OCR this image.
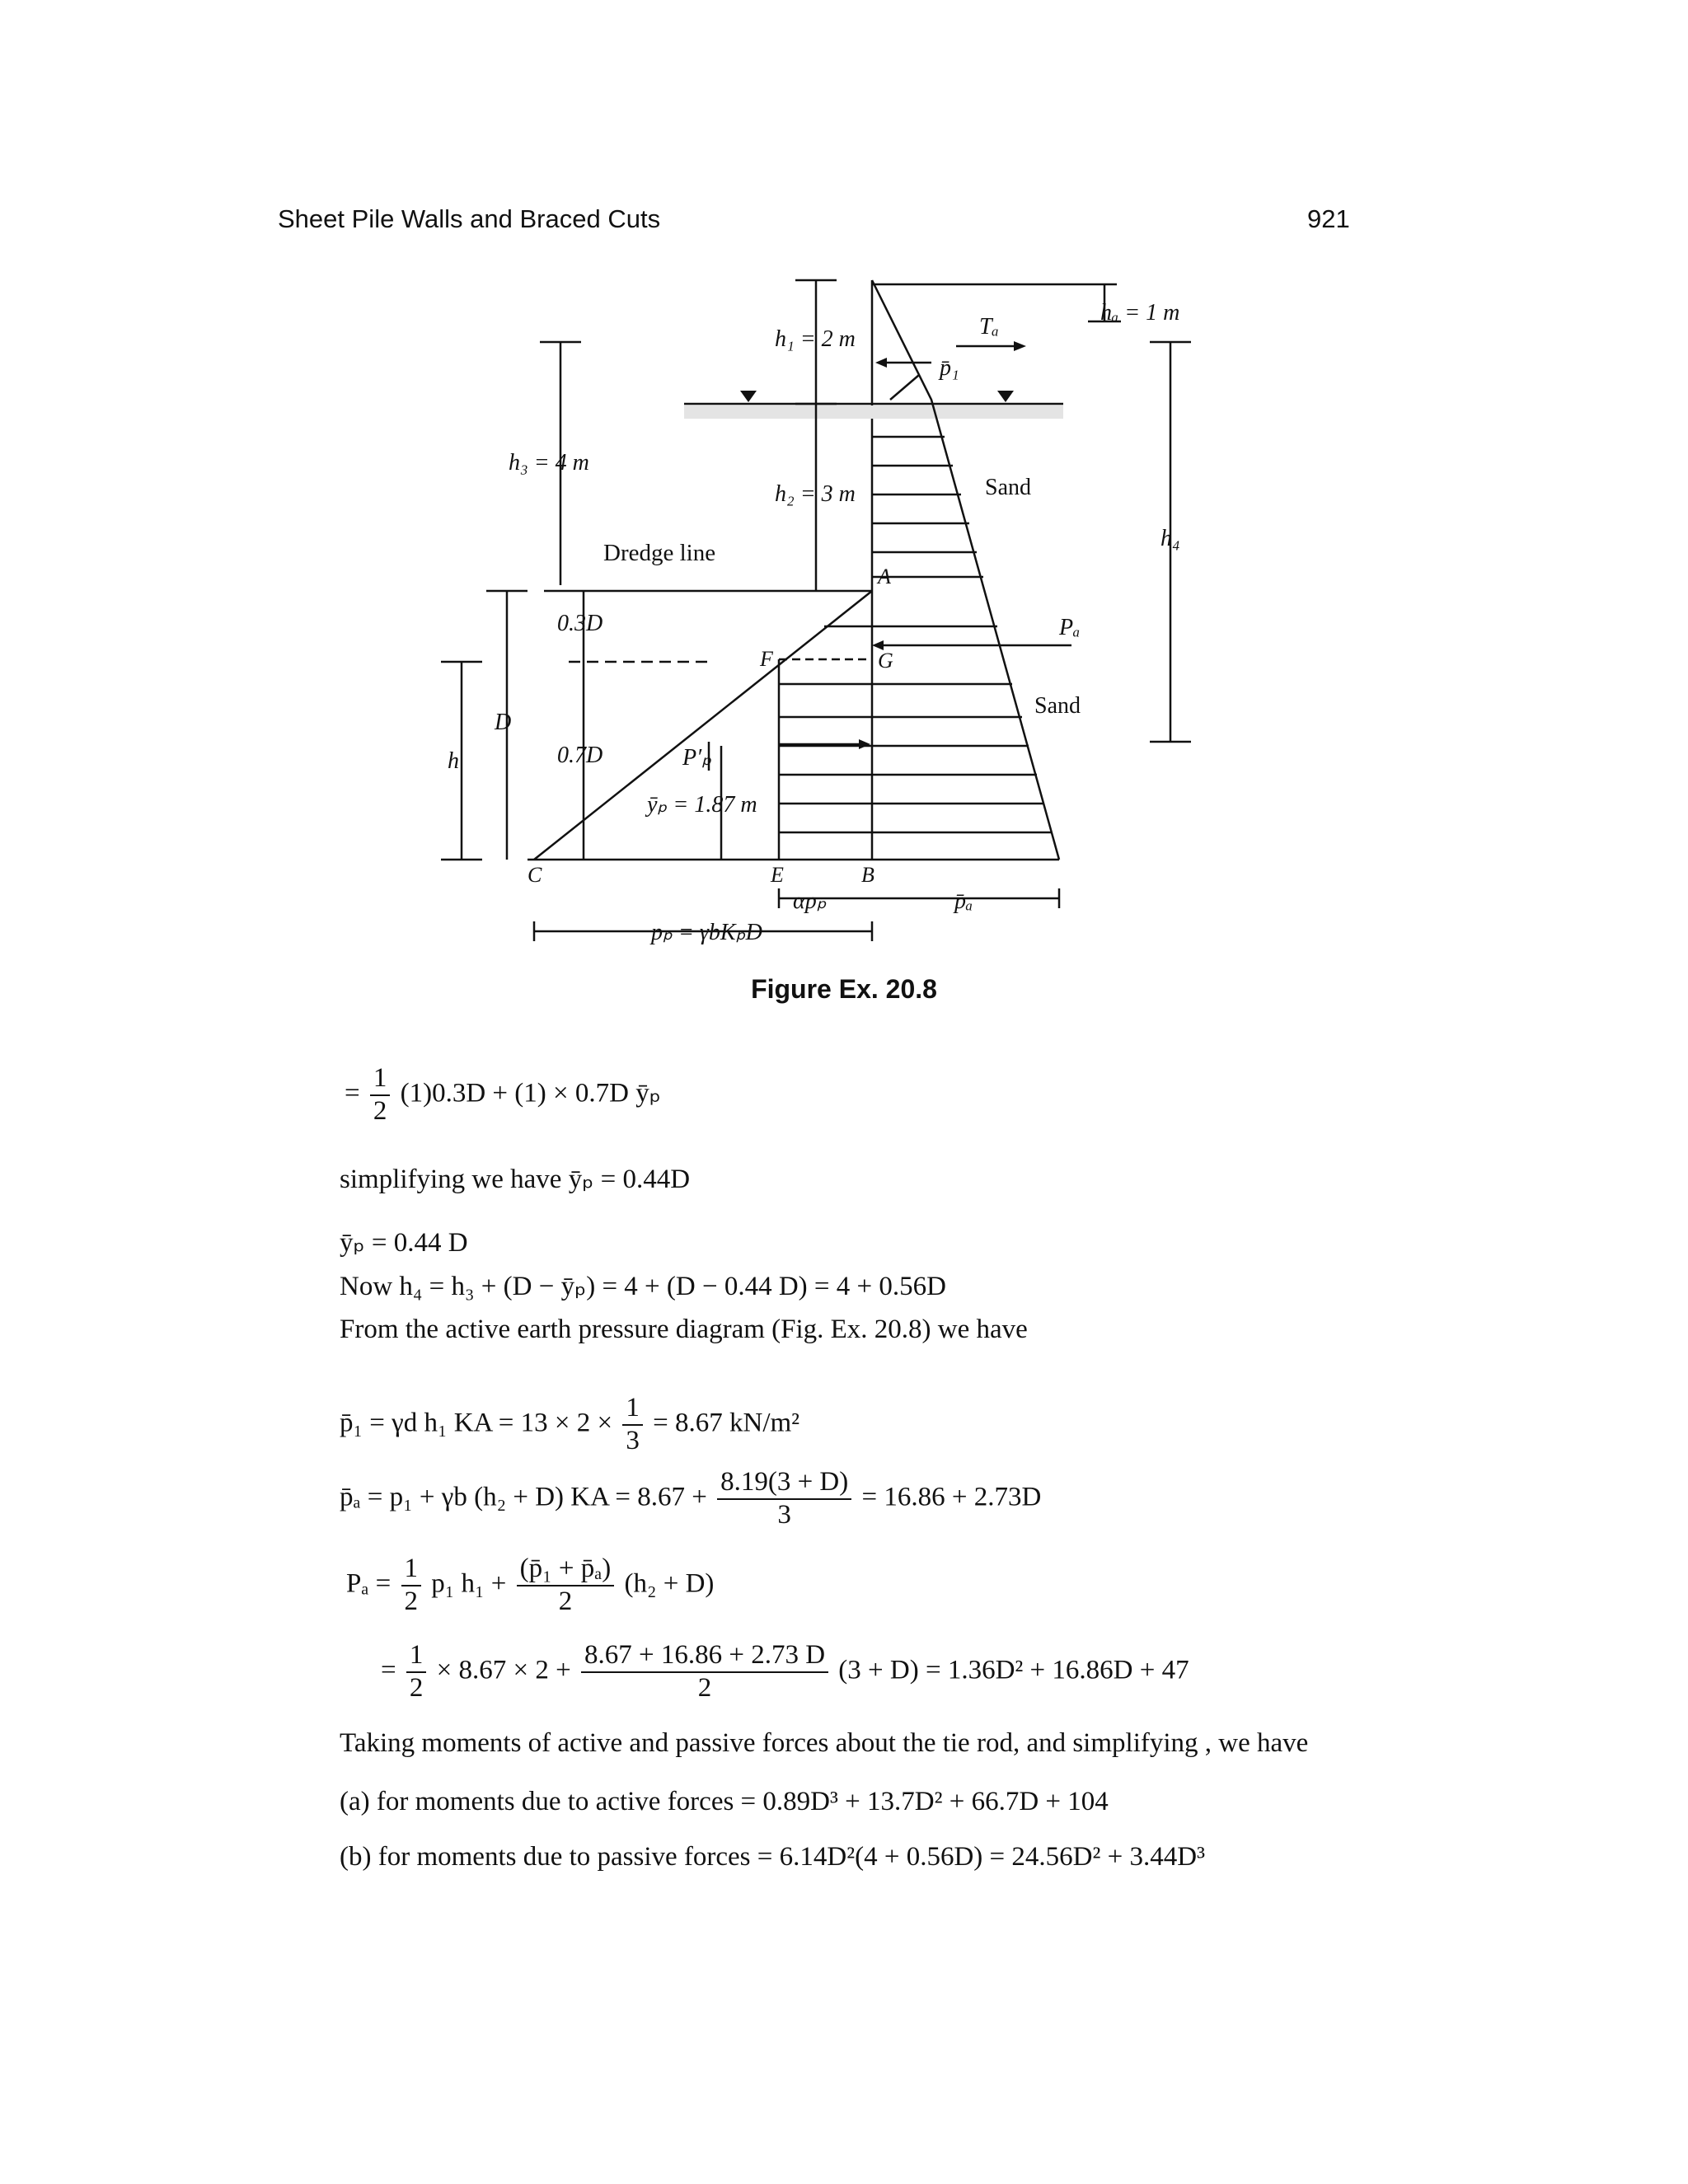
Sheet Pile Walls and Braced Cuts	921
h₁ = 2 m
h₂ = 3 m
h₃ = 4 m
hₐ = 1 m
h₄
Tₐ
p̄₁
Sand
Sand
Dredge line
A
F	G
C	E	B
Pₐ
P′ₚ
ȳₚ = 1.87 m
0.3D
0.7D
D
h
αpₚ	p̄ₐ
pₚ = γbKₚD
Figure Ex. 20.8
= $\frac{1}{2} (1)0.3D + (1) \times 0.7D$ ȳₚ
simplifying we have ȳₚ = 0.44D
ȳₚ = 0.44 D
Now h₄ = h₃ + (D − ȳₚ) = 4 + (D − 0.44 D) = 4 + 0.56D
From the active earth pressure diagram (Fig. Ex. 20.8) we have
p̄₁ = γd h₁ KA = $13 \times 2 \times \frac{1}{3} = 8.67$ kN/m²
p̄ₐ = p₁ + γb (h₂ + D) KA = $8.67 + \frac{8.19(3 + D)}{3} = 16.86 + 2.73D$
$P_a = \frac{1}{2} p_1$ $h_1 + \frac{\text{(p̄₁ + p̄ₐ)}}{2} (h_2 + D)$
= $\frac{1}{2} \times 8.67 \times 2 + \frac{8.67 + 16.86 + 2.73 D}{2} (3 + D) = 1.36D^2 + 16.86D + 47$
Taking moments of active and passive forces about the tie rod, and simplifying , we have
(a) for moments due to active forces = 0.89D³ + 13.7D² + 66.7D + 104
(b) for moments due to passive forces = 6.14D²(4 + 0.56D) = 24.56D² + 3.44D³
